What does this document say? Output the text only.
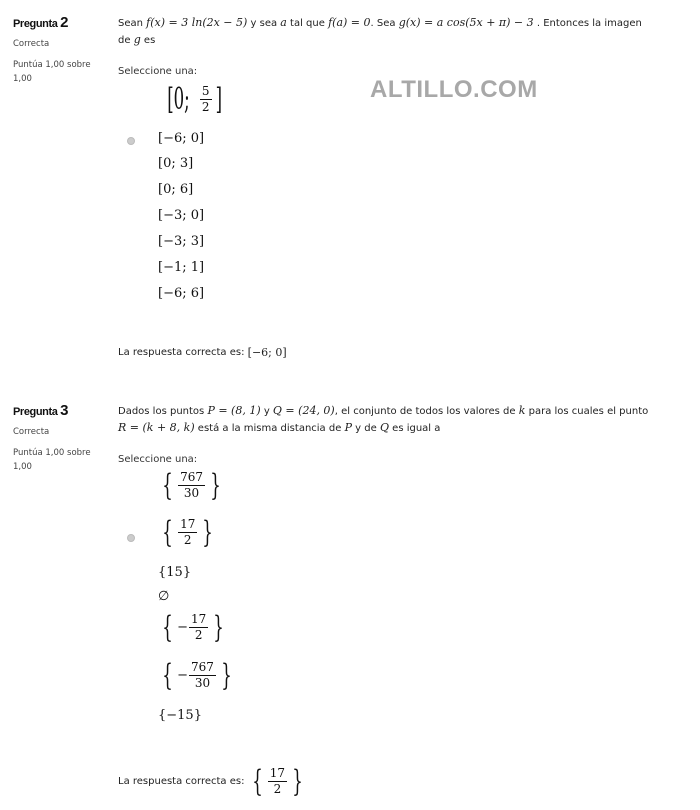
ALTILLO.COM
Pregunta 2
Correcta
Puntúa 1,00 sobre 1,00
Sean f(x) = 3 ln(2x − 5) y sea a tal que f(a) = 0. Sea g(x) = a cos(5x + π) − 3 . Entonces la imagen
de g es
Seleccione una:
[0; $\frac{5}{2}$ ]
[−6; 0]
[0; 3]
[0; 6]
[−3; 0]
[−3; 3]
[−1; 1]
[−6; 6]
La respuesta correcta es:
[−6; 0]
Pregunta 3
Correcta
Puntúa 1,00 sobre 1,00
Dados los puntos P = (8, 1) y Q = (24, 0), el conjunto de todos los valores de k para los cuales el punto
R = (k + 8, k) está a la misma distancia de P y de Q es igual a
Seleccione una:
{ $\frac{767}{30}$ }
{ $\frac{17}{2}$ }
{15}
∅
{ − $\frac{17}{2}$ }
{ − $\frac{767}{30}$ }
{−15}
La respuesta correcta es:
{ $\frac{17}{2}$ }
